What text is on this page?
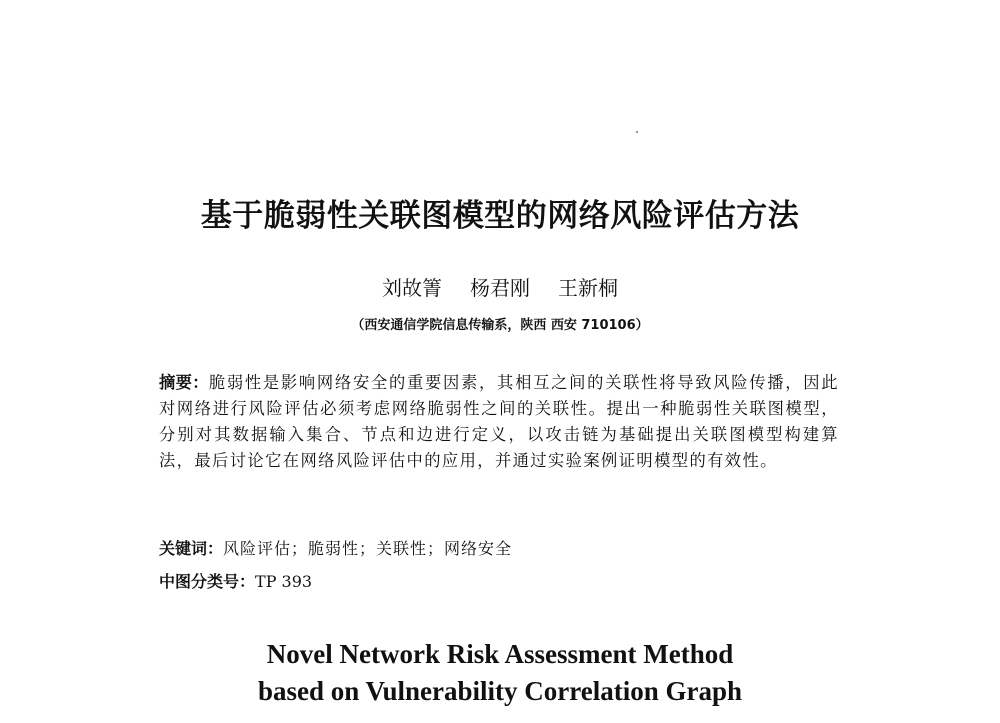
基于脆弱性关联图模型的网络风险评估方法
刘故箐 杨君刚 王新桐
（西安通信学院信息传输系，陕西 西安 710106）
摘要：脆弱性是影响网络安全的重要因素，其相互之间的关联性将导致风险传播，因此对网络进行风险评估必须考虑网络脆弱性之间的关联性。提出一种脆弱性关联图模型，分别对其数据输入集合、节点和边进行定义，以攻击链为基础提出关联图模型构建算法，最后讨论它在网络风险评估中的应用，并通过实验案例证明模型的有效性。
关键词：风险评估；脆弱性；关联性；网络安全
中图分类号：TP 393
Novel Network Risk Assessment Method
based on Vulnerability Correlation Graph
